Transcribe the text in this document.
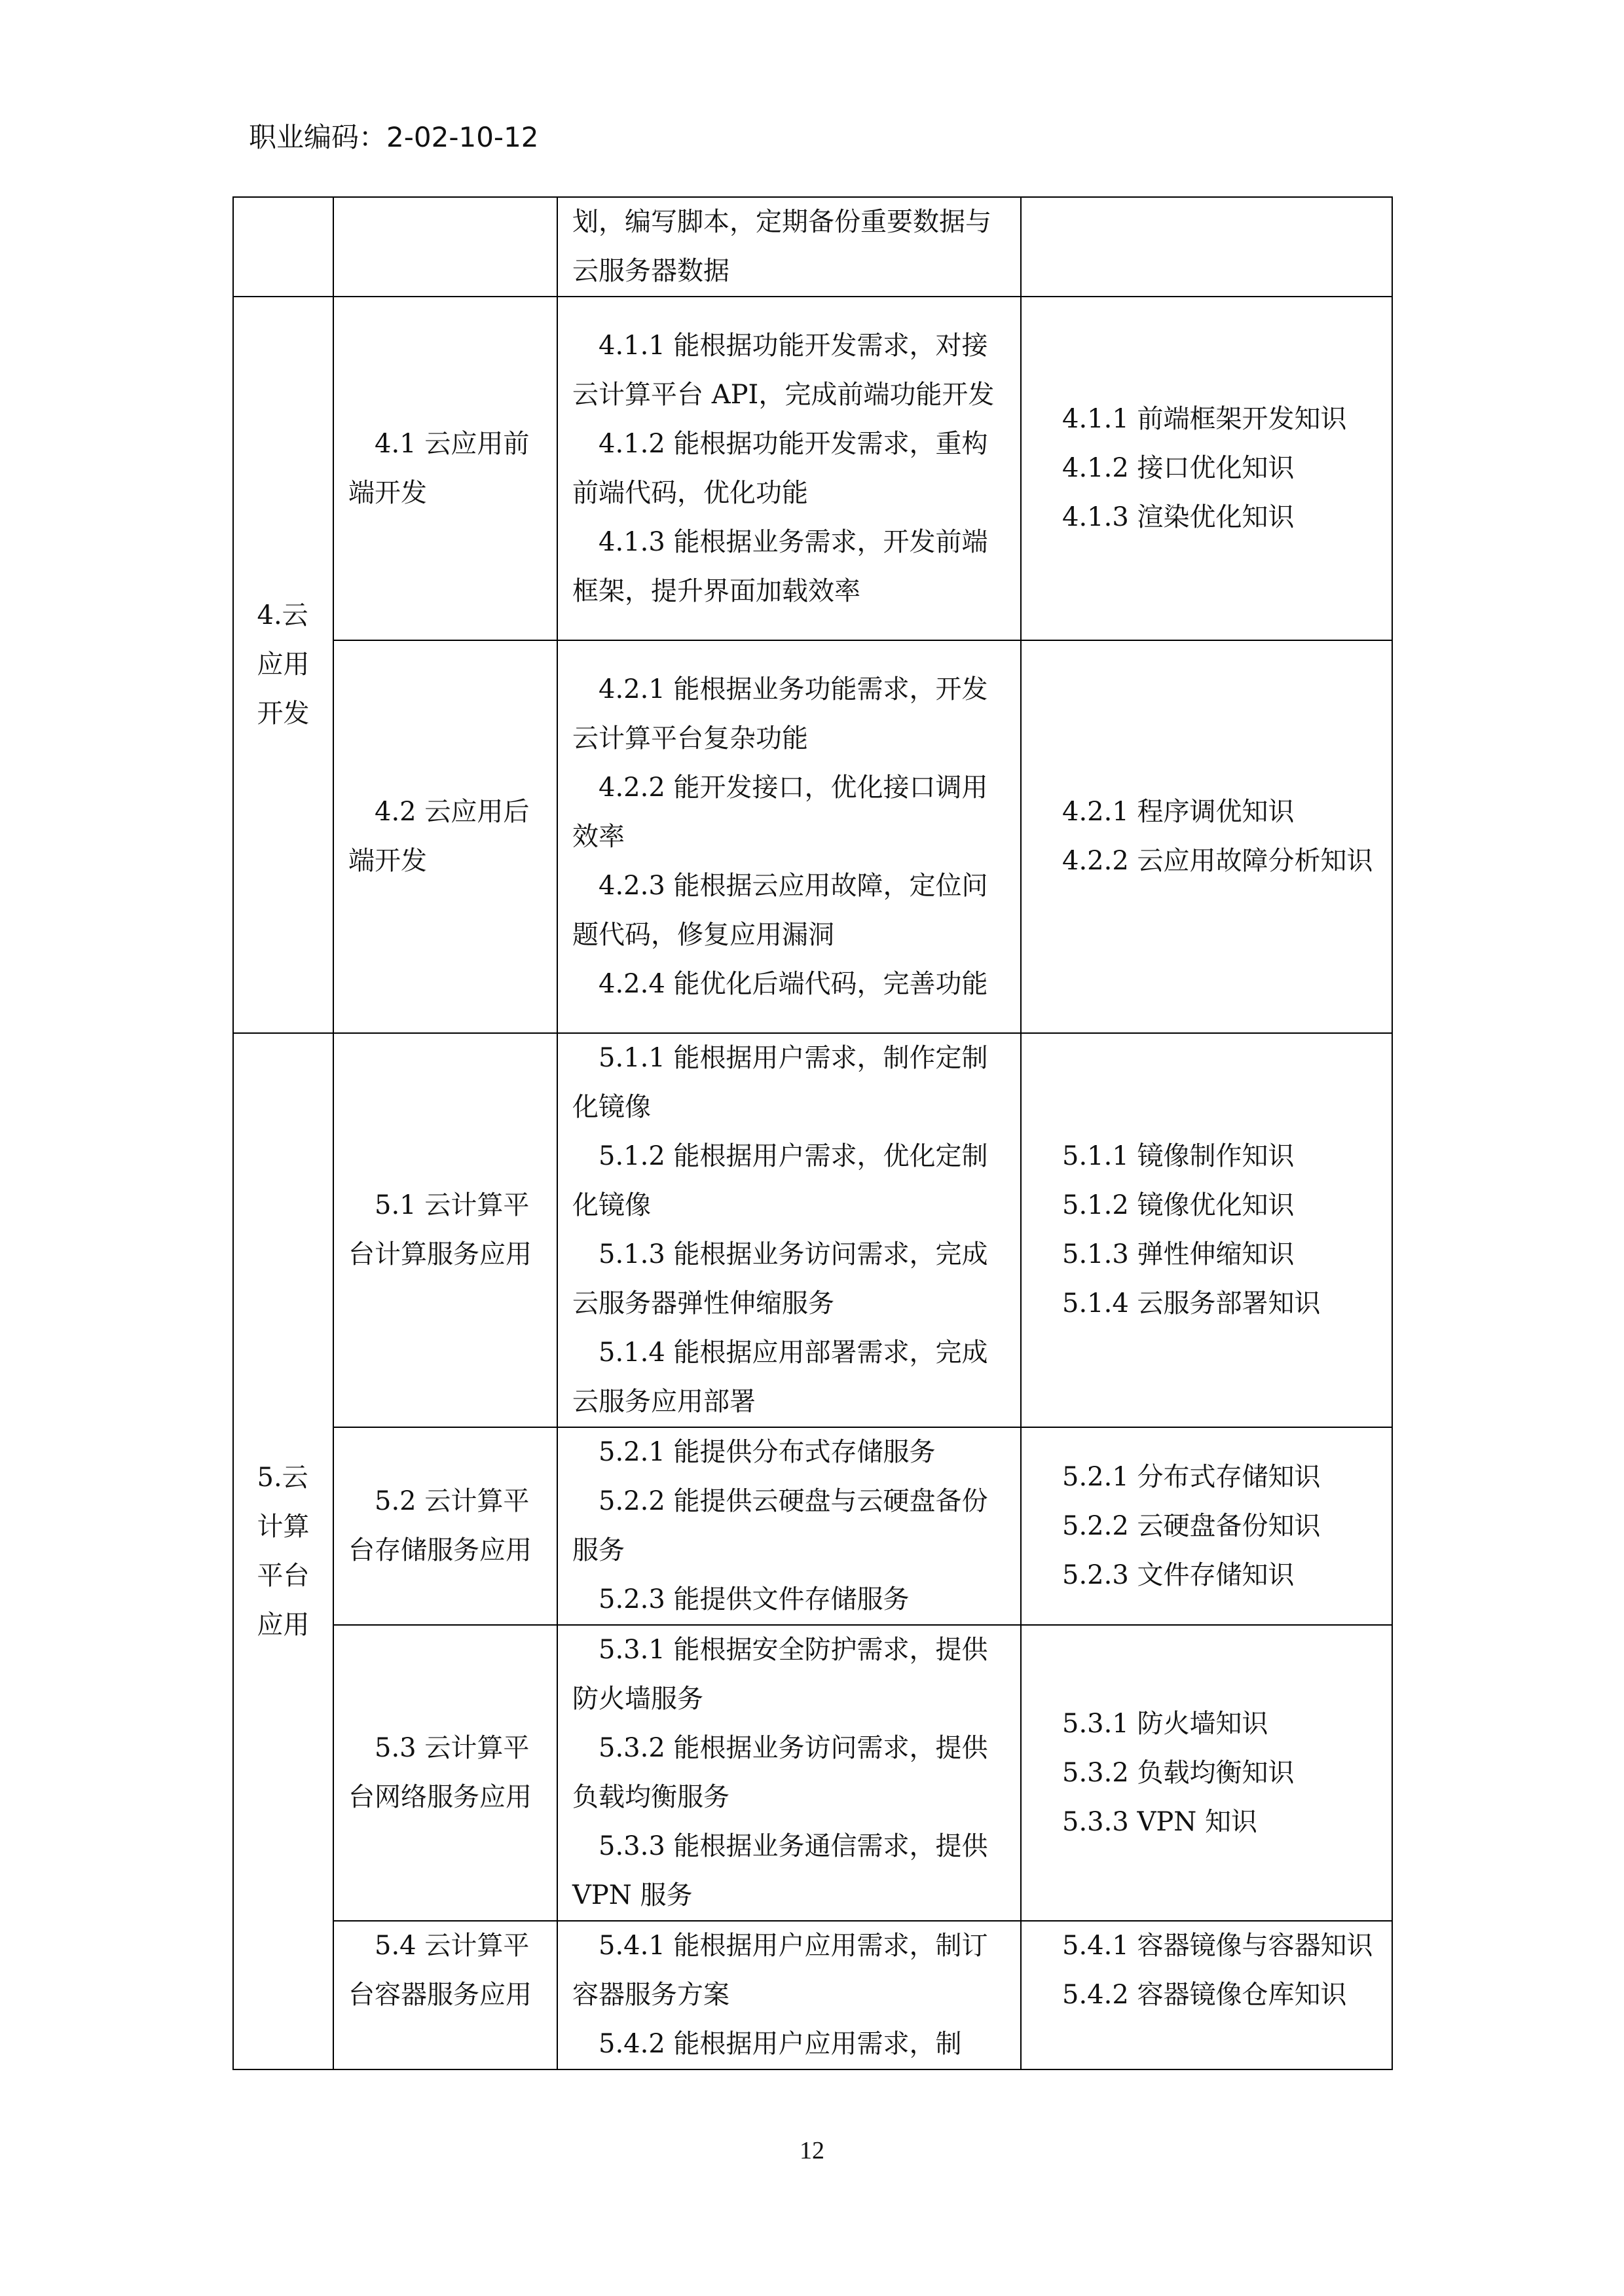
职业编码：2-02-10-12

		划，编写脚本，定期备份重要数据与云服务器数据	

4.云
应用
开发	4.1 云应用前端开发	4.1.1 能根据功能开发需求，对接云计算平台 API，完成前端功能开发
4.1.2 能根据功能开发需求，重构前端代码，优化功能
4.1.3 能根据业务需求，开发前端框架，提升界面加载效率	4.1.1 前端框架开发知识
4.1.2 接口优化知识
4.1.3 渲染优化知识

	4.2 云应用后端开发	4.2.1 能根据业务功能需求，开发云计算平台复杂功能
4.2.2 能开发接口，优化接口调用效率
4.2.3 能根据云应用故障，定位问题代码，修复应用漏洞
4.2.4 能优化后端代码，完善功能	4.2.1 程序调优知识
4.2.2 云应用故障分析知识

5.云
计算
平台
应用	5.1 云计算平台计算服务应用	5.1.1 能根据用户需求，制作定制化镜像
5.1.2 能根据用户需求，优化定制化镜像
5.1.3 能根据业务访问需求，完成云服务器弹性伸缩服务
5.1.4 能根据应用部署需求，完成云服务应用部署	5.1.1 镜像制作知识
5.1.2 镜像优化知识
5.1.3 弹性伸缩知识
5.1.4 云服务部署知识

	5.2 云计算平台存储服务应用	5.2.1 能提供分布式存储服务
5.2.2 能提供云硬盘与云硬盘备份服务
5.2.3 能提供文件存储服务	5.2.1 分布式存储知识
5.2.2 云硬盘备份知识
5.2.3 文件存储知识

	5.3 云计算平台网络服务应用	5.3.1 能根据安全防护需求，提供防火墙服务
5.3.2 能根据业务访问需求，提供负载均衡服务
5.3.3 能根据业务通信需求，提供 VPN 服务	5.3.1 防火墙知识
5.3.2 负载均衡知识
5.3.3 VPN 知识

	5.4 云计算平台容器服务应用	5.4.1 能根据用户应用需求，制订容器服务方案
5.4.2 能根据用户应用需求，制	5.4.1 容器镜像与容器知识
5.4.2 容器镜像仓库知识
12
